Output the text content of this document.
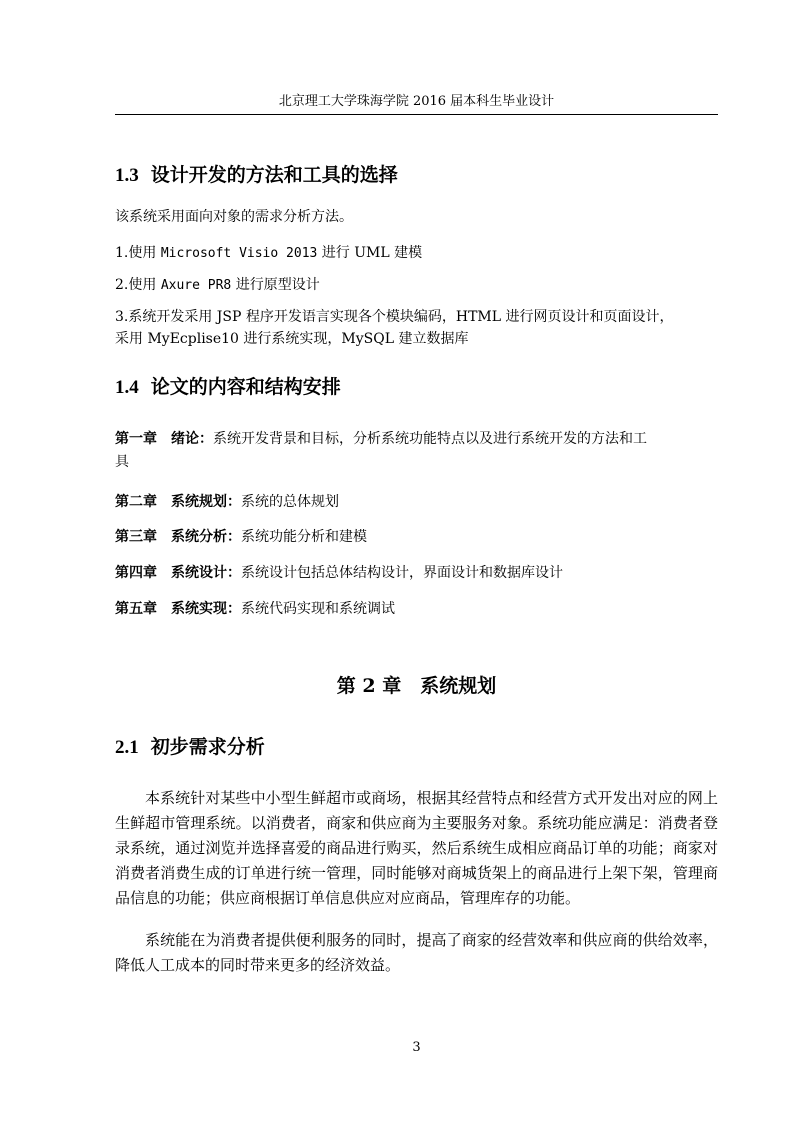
北京理工大学珠海学院 2016 届本科生毕业设计
1.3 设计开发的方法和工具的选择
该系统采用面向对象的需求分析方法。
1.使用 Microsoft Visio 2013 进行 UML 建模
2.使用 Axure PR8 进行原型设计
3.系统开发采用 JSP 程序开发语言实现各个模块编码，HTML 进行网页设计和页面设计，
采用 MyEcplise10 进行系统实现，MySQL 建立数据库
1.4 论文的内容和结构安排
第一章　绪论：系统开发背景和目标，分析系统功能特点以及进行系统开发的方法和工
具
第二章　系统规划：系统的总体规划
第三章　系统分析：系统功能分析和建模
第四章　系统设计：系统设计包括总体结构设计，界面设计和数据库设计
第五章　系统实现：系统代码实现和系统调试
第 2 章　系统规划
2.1 初步需求分析
本系统针对某些中小型生鲜超市或商场，根据其经营特点和经营方式开发出对应的网上生鲜超市管理系统。以消费者，商家和供应商为主要服务对象。系统功能应满足：消费者登录系统，通过浏览并选择喜爱的商品进行购买，然后系统生成相应商品订单的功能；商家对消费者消费生成的订单进行统一管理，同时能够对商城货架上的商品进行上架下架，管理商品信息的功能；供应商根据订单信息供应对应商品，管理库存的功能。
系统能在为消费者提供便利服务的同时，提高了商家的经营效率和供应商的供给效率，降低人工成本的同时带来更多的经济效益。
3
